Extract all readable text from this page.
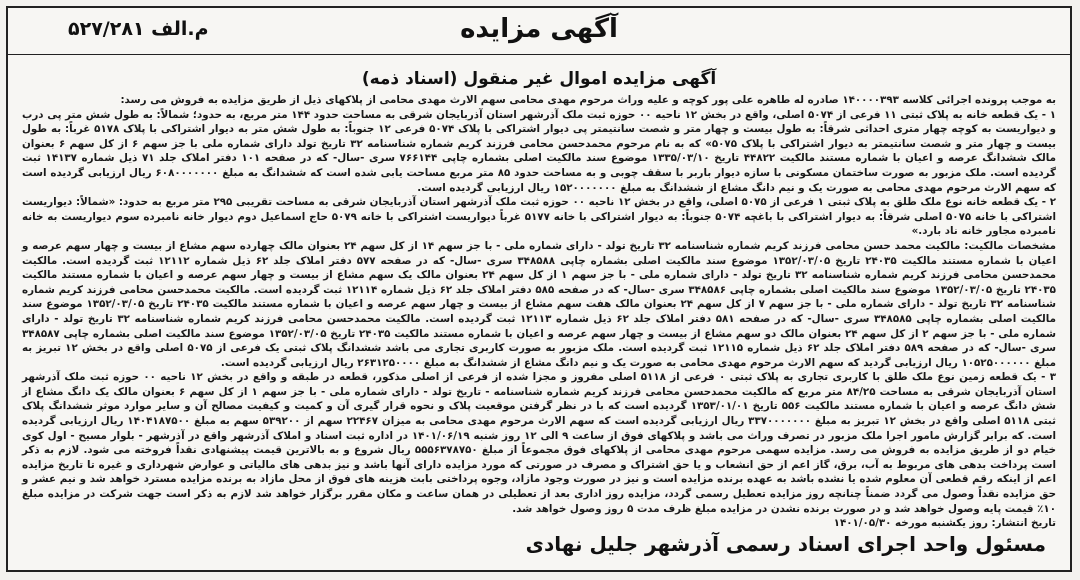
م.الف ۵۲۷/۲۸۱	آگهی مزایده
آگهی مزایده اموال غیر منقول (اسناد ذمه)

به موجب پرونده اجرائی کلاسه ۱۴۰۰۰۰۳۹۳ صادره له طاهره علی پور کوچه و علیه وراث مرحوم مهدی محامی سهم الارث مهدی محامی از پلاکهای ذیل از طریق مزایده به فروش می رسد:

۱ - یک قطعه خانه به پلاک ثبتی ۱۱ فرعی از ۵۰۷۴ اصلی، واقع در بخش ۱۲ ناحیه ۰۰ حوزه ثبت ملک آذرشهر استان آذربایجان شرقی به مساحت حدود ۱۴۴ متر مربع، به حدود؛ شمالاً: به طول شش متر پی درب و دیواریست به کوچه چهار متری احداثی شرقاً: به طول بیست و چهار متر و شصت سانتیمتر پی دیوار اشتراکی با پلاک ۵۰۷۴ فرعی ۱۲ جنوباً: به طول شش متر به دیوار اشتراکی با پلاک ۵۱۷۸ غرباً: به طول بیست و چهار متر و شصت سانتیمتر به دیوار اشتراکی با پلاک ۵۰۷۵» که به نام مرحوم محمدحسن محامی فرزند کریم شماره شناسنامه ۳۲ تاریخ تولد دارای شماره ملی با جز سهم ۶ از کل سهم ۶ بعنوان مالک ششدانگ عرصه و اعیان با شماره مستند مالکیت ۴۴۸۲۲ تاریخ ۱۳۳۵/۰۳/۱۰ موضوع سند مالکیت اصلی بشماره چاپی ۷۶۶۱۴۴ سری -سال- که در صفحه ۱۰۱ دفتر املاک جلد ۷۱ ذیل شماره ۱۴۱۳۷ ثبت گردیده است. ملک مزبور به صورت ساختمان مسکونی با سازه دیوار باربر با سقف چوبی و به مساحت حدود ۸۵ متر مربع مساحت یابی شده است که ششدانگ به مبلغ ۶۰۸۰۰۰۰۰۰۰ ریال ارزیابی گردیده است که سهم الارث مرحوم مهدی محامی به صورت یک و نیم دانگ مشاع از ششدانگ به مبلغ ۱۵۲۰۰۰۰۰۰۰ ریال ارزیابی گردیده است.

۲ - یک قطعه خانه نوع ملک طلق به پلاک ثبتی ۱ فرعی از ۵۰۷۵ اصلی، واقع در بخش ۱۲ ناحیه ۰۰ حوزه ثبت ملک آذرشهر استان آذربایجان شرقی به مساحت تقریبی ۲۹۵ متر مربع به حدود: «شمالاً: دیواریست اشتراکی با خانه ۵۰۷۵ اصلی شرقاً: به دیوار اشتراکی با باغچه ۵۰۷۴ جنوباً: به دیوار اشتراکی با خانه ۵۱۷۷ غرباً دیواریست اشتراکی با خانه ۵۰۷۹ حاج اسماعیل دوم دیوار خانه نامبرده سوم دیواریست به خانه نامبرده مجاور خانه ناد بارد.»

مشخصات مالکیت: مالکیت محمد حسن محامی فرزند کریم شماره شناسنامه ۳۲ تاریخ تولد - دارای شماره ملی - با جز سهم ۱۴ از کل سهم ۲۴ بعنوان مالک چهارده سهم مشاع از بیست و چهار سهم عرصه و اعیان با شماره مستند مالکیت ۲۴۰۳۵ تاریخ ۱۳۵۲/۰۳/۰۵ موضوع سند مالکیت اصلی بشماره چاپی ۳۴۸۵۸۸ سری -سال- که در صفحه ۵۷۷ دفتر املاک جلد ۶۲ ذیل شماره ۱۲۱۱۲ ثبت گردیده است. مالکیت محمدحسن محامی فرزند کریم شماره شناسنامه ۳۲ تاریخ تولد - دارای شماره ملی - با جز سهم ۱ از کل سهم ۲۴ بعنوان مالک یک سهم مشاع از بیست و چهار سهم عرصه و اعیان با شماره مستند مالکیت ۲۴۰۳۵ تاریخ ۱۳۵۲/۰۳/۰۵ موضوع سند مالکیت اصلی بشماره چاپی ۳۴۸۵۸۶ سری -سال- که در صفحه ۵۸۵ دفتر املاک جلد ۶۲ ذیل شماره ۱۲۱۱۴ ثبت گردیده است. مالکیت محمدحسن محامی فرزند کریم شماره شناسنامه ۳۲ تاریخ تولد - دارای شماره ملی - با جز سهم ۷ از کل سهم ۲۴ بعنوان مالک هفت سهم مشاع از بیست و چهار سهم عرصه و اعیان با شماره مستند مالکیت ۲۴۰۳۵ تاریخ ۱۳۵۲/۰۳/۰۵ موضوع سند مالکیت اصلی بشماره چاپی ۳۴۸۵۸۵ سری -سال- که در صفحه ۵۸۱ دفتر املاک جلد ۶۲ ذیل شماره ۱۲۱۱۳ ثبت گردیده است. مالکیت محمدحسن محامی فرزند کریم شماره شناسنامه ۳۲ تاریخ تولد - دارای شماره ملی - با جز سهم ۲ از کل سهم ۲۴ بعنوان مالک دو سهم مشاع از بیست و چهار سهم عرصه و اعیان با شماره مستند مالکیت ۲۴۰۳۵ تاریخ ۱۳۵۲/۰۳/۰۵ موضوع سند مالکیت اصلی بشماره چاپی ۳۴۸۵۸۷ سری -سال- که در صفحه ۵۸۹ دفتر املاک جلد ۶۲ ذیل شماره ۱۲۱۱۵ ثبت گردیده است. ملک مزبور به صورت کاربری تجاری می باشد ششدانگ پلاک ثبتی یک فرعی از ۵۰۷۵ اصلی واقع در بخش ۱۲ تبریز به مبلغ ۱۰۵۲۵۰۰۰۰۰۰ ریال ارزیابی گردید که سهم الارث مرحوم مهدی محامی به صورت یک و نیم دانگ مشاع از ششدانگ به مبلغ ۲۶۳۱۲۵۰۰۰۰ ریال ارزیابی گردیده است.

۳ - یک قطعه زمین نوع ملک طلق با کاربری تجاری به پلاک ثبتی ۰ فرعی از ۵۱۱۸ اصلی مفروز و مجزا شده از فرعی از اصلی مذکور، قطعه در طبقه و واقع در بخش ۱۲ ناحیه ۰۰ حوزه ثبت ملک آذرشهر استان آذربایجان شرقی به مساحت ۸۴/۲۵ متر مربع که مالکیت محمدحسن محامی فرزند کریم شماره شناسنامه - تاریخ تولد - دارای شماره ملی - با جز سهم ۱ از کل سهم ۶ بعنوان مالک یک دانگ مشاع از شش دانگ عرصه و اعیان با شماره مستند مالکیت ۵۵۶ تاریخ ۱۳۵۳/۰۱/۰۱ گردیده است که با در نظر گرفتن موقعیت پلاک و نحوه قرار گیری آن و کمیت و کیفیت مصالح آن و سایر موارد موثر ششدانگ پلاک ثبتی ۵۱۱۸ اصلی واقع در بخش ۱۲ تبریز به مبلغ ۳۳۷۰۰۰۰۰۰۰ ریال ارزیابی گردیده است که سهم الارث مرحوم مهدی محامی به میزان ۲۲۴۶۷ سهم از ۵۳۹۲۰۰ سهم به مبلغ ۱۴۰۴۱۸۷۵۰۰ ریال ارزیابی گردیده است. که برابر گزارش مامور اجرا ملک مزبور در تصرف وراث می باشد و پلاکهای فوق از ساعت ۹ الی ۱۲ روز شنبه ۱۴۰۱/۰۶/۱۹ در اداره ثبت اسناد و املاک آذرشهر واقع در آذرشهر - بلوار مسیح - اول کوی خیام دو از طریق مزایده به فروش می رسد. مزایده سهمی مرحوم مهدی محامی از پلاکهای فوق مجموعاً از مبلغ ۵۵۵۶۳۷۸۷۵۰ ریال شروع و به بالاترین قیمت پیشنهادی نقداً فروخته می شود. لازم به ذکر است پرداخت بدهی های مربوط به آب، برق، گاز اعم از حق انشعاب و یا حق اشتراک و مصرف در صورتی که مورد مزایده دارای آنها باشد و نیز بدهی های مالیاتی و عوارض شهرداری و غیره تا تاریخ مزایده اعم از اینکه رقم قطعی آن معلوم شده یا نشده باشد به عهده برنده مزایده است و نیز در صورت وجود مازاد، وجوه پرداختی بابت هزینه های فوق از محل مازاد به برنده مزایده مسترد خواهد شد و نیم عشر و حق مزایده نقداً وصول می گردد ضمناً چنانچه روز مزایده تعطیل رسمی گردد، مزایده روز اداری بعد از تعطیلی در همان ساعت و مکان مقرر برگزار خواهد شد لازم به ذکر است جهت شرکت در مزایده مبلغ ۱۰٪ قیمت پایه وصول خواهد شد و در صورت برنده نشدن در مزایده مبلغ ظرف مدت ۵ روز وصول خواهد شد.

تاریخ انتشار: روز یکشنبه مورخه ۱۴۰۱/۰۵/۳۰

مسئول واحد اجرای اسناد رسمی آذرشهر جلیل نهادی
